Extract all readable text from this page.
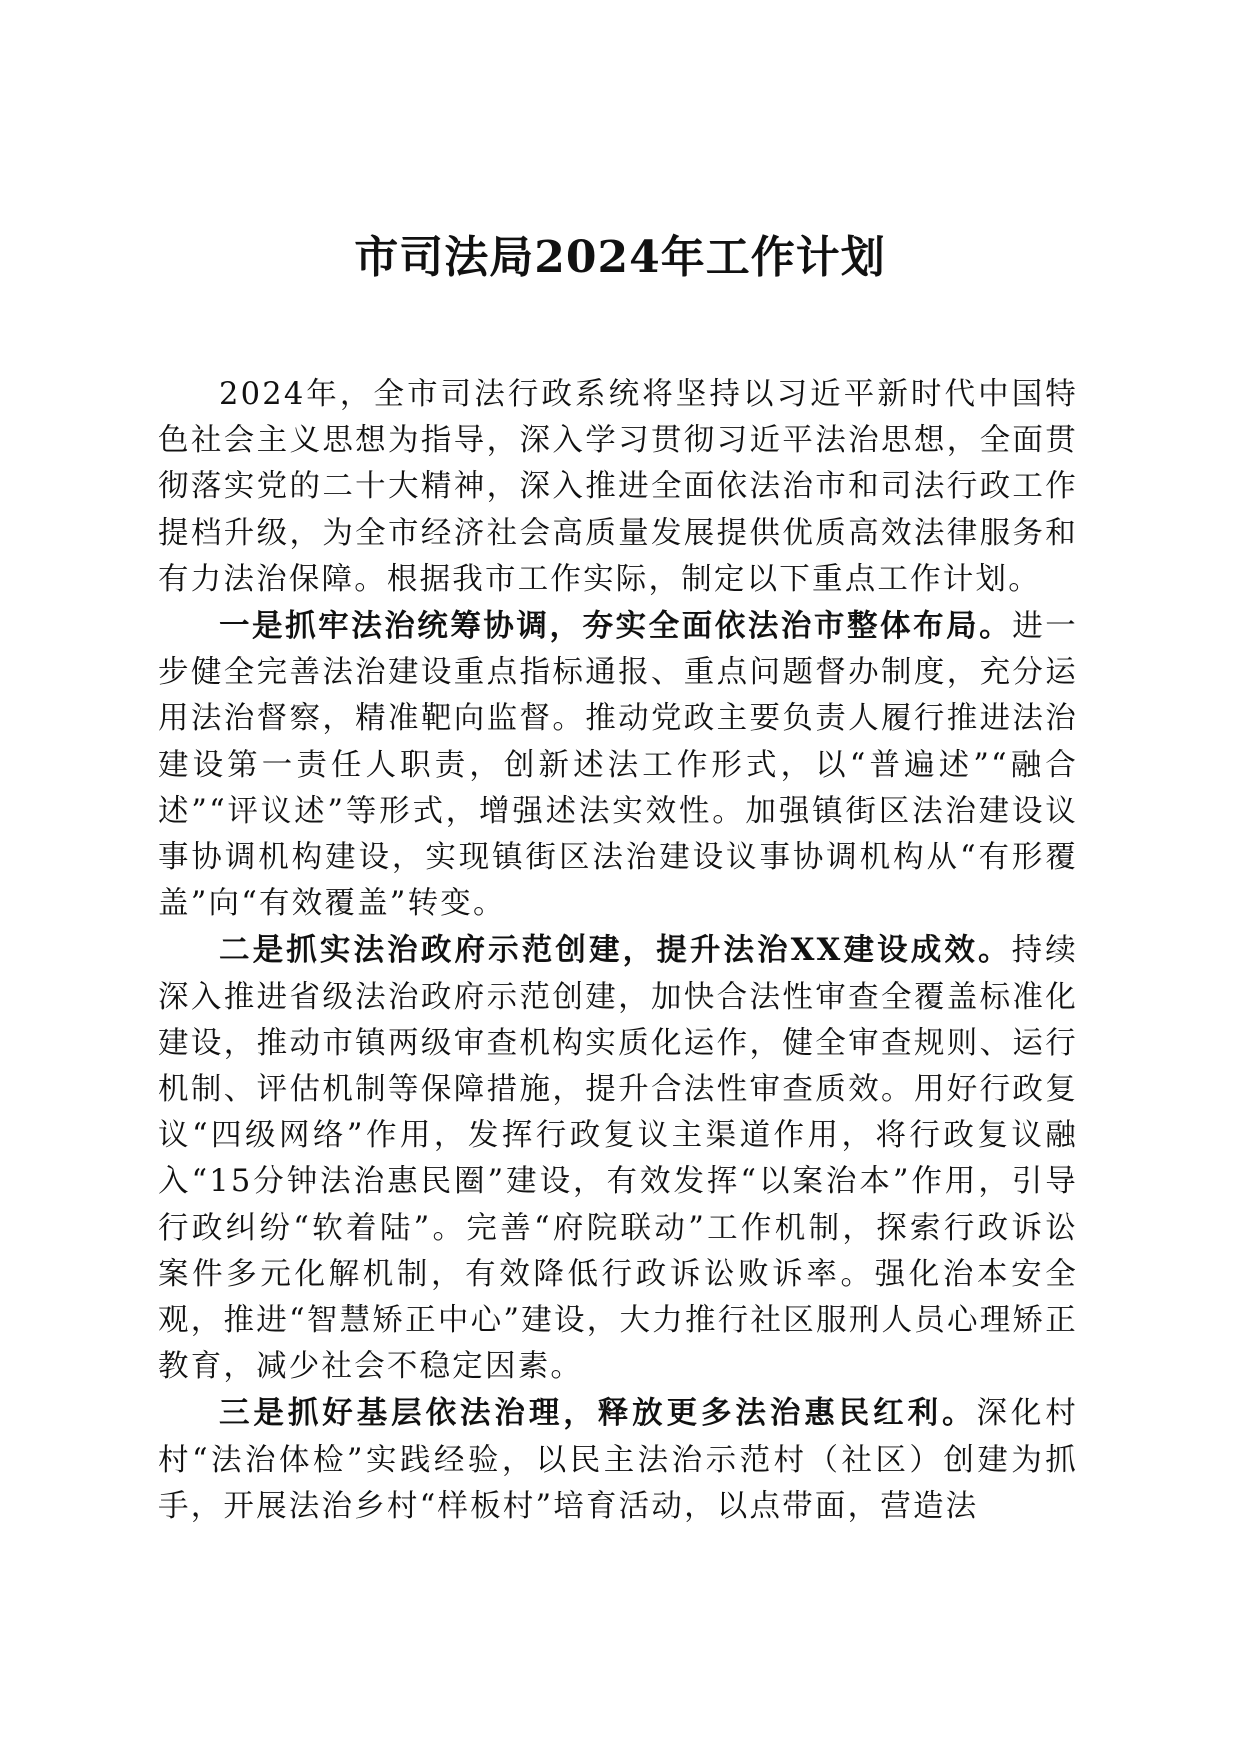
市司法局2024年工作计划

2024年，全市司法行政系统将坚持以习近平新时代中国特色社会主义思想为指导，深入学习贯彻习近平法治思想，全面贯彻落实党的二十大精神，深入推进全面依法治市和司法行政工作提档升级，为全市经济社会高质量发展提供优质高效法律服务和有力法治保障。根据我市工作实际，制定以下重点工作计划。

一是抓牢法治统筹协调，夯实全面依法治市整体布局。进一步健全完善法治建设重点指标通报、重点问题督办制度，充分运用法治督察，精准靶向监督。推动党政主要负责人履行推进法治建设第一责任人职责，创新述法工作形式，以“普遍述”“融合述”“评议述”等形式，增强述法实效性。加强镇街区法治建设议事协调机构建设，实现镇街区法治建设议事协调机构从“有形覆盖”向“有效覆盖”转变。

二是抓实法治政府示范创建，提升法治XX建设成效。持续深入推进省级法治政府示范创建，加快合法性审查全覆盖标准化建设，推动市镇两级审查机构实质化运作，健全审查规则、运行机制、评估机制等保障措施，提升合法性审查质效。用好行政复议“四级网络”作用，发挥行政复议主渠道作用，将行政复议融入“15分钟法治惠民圈”建设，有效发挥“以案治本”作用，引导行政纠纷“软着陆”。完善“府院联动”工作机制，探索行政诉讼案件多元化解机制，有效降低行政诉讼败诉率。强化治本安全观，推进“智慧矫正中心”建设，大力推行社区服刑人员心理矫正教育，减少社会不稳定因素。

三是抓好基层依法治理，释放更多法治惠民红利。深化村村“法治体检”实践经验，以民主法治示范村（社区）创建为抓手，开展法治乡村“样板村”培育活动，以点带面，营造法
